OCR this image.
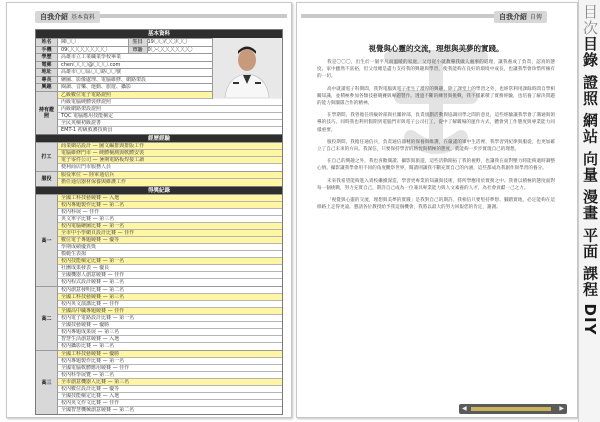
自我介紹 基本資料
基本資料
姓名	陳〇〇	生日	19〇〇/〇〇/〇〇
手機	09〇〇〇〇〇〇〇〇	市話	0〇-〇〇〇〇〇〇〇
學歷	高雄市立工業職業學校畢業
電郵	chen〇〇〇@〇〇〇.com
地址	高雄市〇〇區〇〇路〇〇號
專長	繪圖、影像處理、電腦維修、網路架設
興趣	閱讀、音樂、運動、旅遊、攝影
持有證照
乙級數位電子電路證照
丙級電腦硬體裝修證照
丙級網路架設證照
TQC 電腦應用技能檢定
全民英檢初級證書
EMT-1 初級救護技術員
經歷經驗
打工
商業網站設計 — 圖文編排與排版工作
電腦維修門市 — 硬體檢測與軟體安裝
電子零件公司 — 暑期電路板焊接工讀
便利商店門市服務人員
服役
服役單位 — 陸軍通信兵
擔任通信器材保養與維護工作
得獎紀錄
高一
全國工科技藝競賽 — 入選
校內專題製作比賽 — 第二名
校內科展 — 佳作
英文單字比賽 — 第三名
校內電腦繪圖比賽 — 第一名
全市中小學網頁設計比賽 — 佳作
數位電子專題競賽 — 優等
學期成績優異獎
模範生表揚
校內技能檢定比賽 — 第一名
社團成果發表 — 優良
全國機器人創意競賽 — 佳作
校內程式設計競賽 — 第二名
高二
校內創意發明比賽 — 第二名
全國工科技藝競賽 — 第三名
校內英文演講比賽 — 佳作
全國高中職專題競賽 — 佳作
校內電子電路設計比賽 — 第一名
全國技藝競賽 — 優勝
校內專題成果展 — 第三名
智慧生活創意競賽 — 入選
校內攝影比賽 — 第二名
高三
全國工科技藝競賽 — 優勝
校內專題製作比賽 — 第一名
全國電腦軟體應用競賽 — 佳作
校內科學展覽 — 第二名
全市創意機器人比賽 — 第三名
校內數位設計比賽 — 優等
全國技能檢定比賽 — 入選
校內英文作文比賽 — 佳作
全國智慧機械創意競賽 — 第二名
自我介紹 自傳
視覺與心靈的交流，理想與美夢的實踐。

我是〇〇〇，出生於一個平凡而溫暖的家庭，父母從小就教導我做人處事的道理，讓我養成了負責、認真的態度。家中雖然不富裕，但父母總是盡力支持我的興趣與學習，使我能夠在良好的環境中成長，也讓我學會珍惜所擁有的一切。

高中就讀電子科期間，我對電腦與電子產生了濃厚的興趣，除了課堂上的學習之外，也經常利用課餘時間自學相關知識，並積極參加各類技藝競賽與專題製作。透過不斷的練習與挑戰，我不僅累積了實務經驗，也培養了解決問題的能力與團隊合作的精神。

在學期間，我曾擔任班級幹部與社團幹部，負責規劃活動與協調同學之間的意見，這些經驗讓我學會了溝通與領導的技巧。同時我也利用假期到電腦門市與電子公司打工，從中了解職場的運作方式，體會到工作態度與專業能力同樣重要。

服役期間，我擔任通信兵，負責通信器材的保養與維護，在嚴謹的軍中生活裡，我學習到紀律與服從，也更加確立了自己未來的方向。我深信，只要保持學習的熱忱與積極的態度，就能夠一步步實現自己的理想。

在自己的興趣之外，我也喜歡閱讀、攝影與旅遊，這些活動開拓了我的視野，也讓我在面對壓力時能夠適時調整心情。攝影讓我學會用不同的角度觀察世界，閱讀則讓我不斷充實自己的內涵，這些都成為我創作與學習的養分。

未來我希望能夠進入貴校繼續深造，學習更專業的知識與技術，將所學應用於實務之中。我會以積極的態度面對每一個挑戰，努力充實自己，期許自己成為一位兼具專業能力與人文素養的人才，為社會貢獻一己之力。

「視覺與心靈的交流，理想與美夢的實踐」是我對自己的期許。我相信只要堅持夢想、腳踏實地，必定能夠在這條路上走得更遠。懇請各位教授給予我這個機會，我將以最大的努力回報您的肯定，謝謝。

◀	▶
目次目錄 證照 網站 向量 漫畫 平面 課程 DIY
